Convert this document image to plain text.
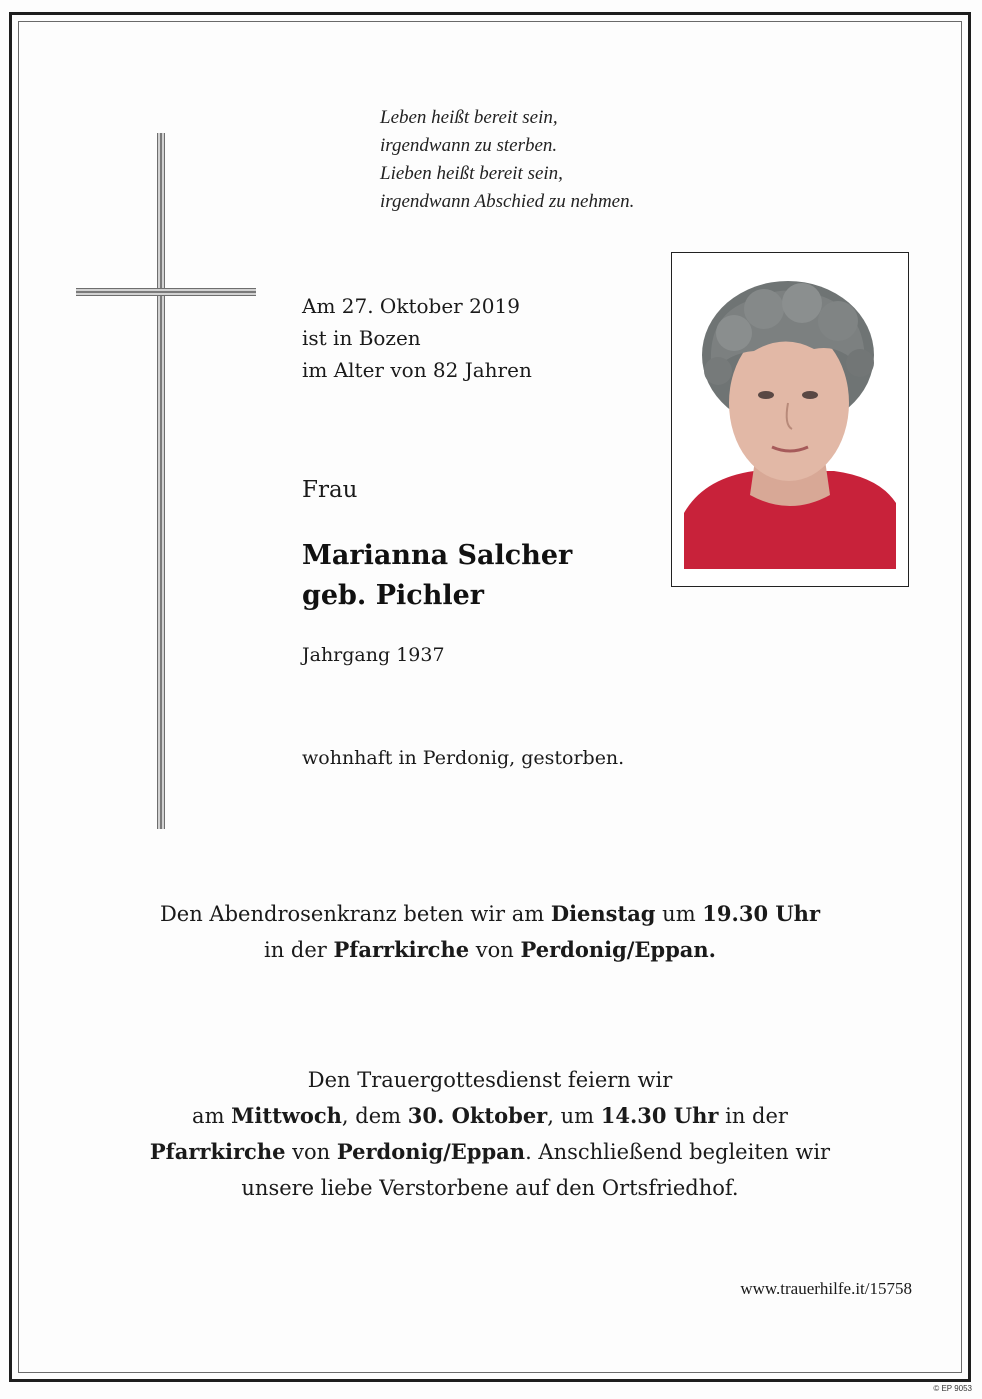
Leben heißt bereit sein,
irgendwann zu sterben.
Lieben heißt bereit sein,
irgendwann Abschied zu nehmen.
Am 27. Oktober 2019
ist in Bozen
im Alter von 82 Jahren
Frau
Marianna Salcher
geb. Pichler
Jahrgang 1937
wohnhaft in Perdonig, gestorben.
Den Abendrosenkranz beten wir am Dienstag um 19.30 Uhr
in der Pfarrkirche von Perdonig/Eppan.
Den Trauergottesdienst feiern wir
am Mittwoch, dem 30. Oktober, um 14.30 Uhr in der
Pfarrkirche von Perdonig/Eppan. Anschließend begleiten wir
unsere liebe Verstorbene auf den Ortsfriedhof.
www.trauerhilfe.it/15758
© EP 9053
